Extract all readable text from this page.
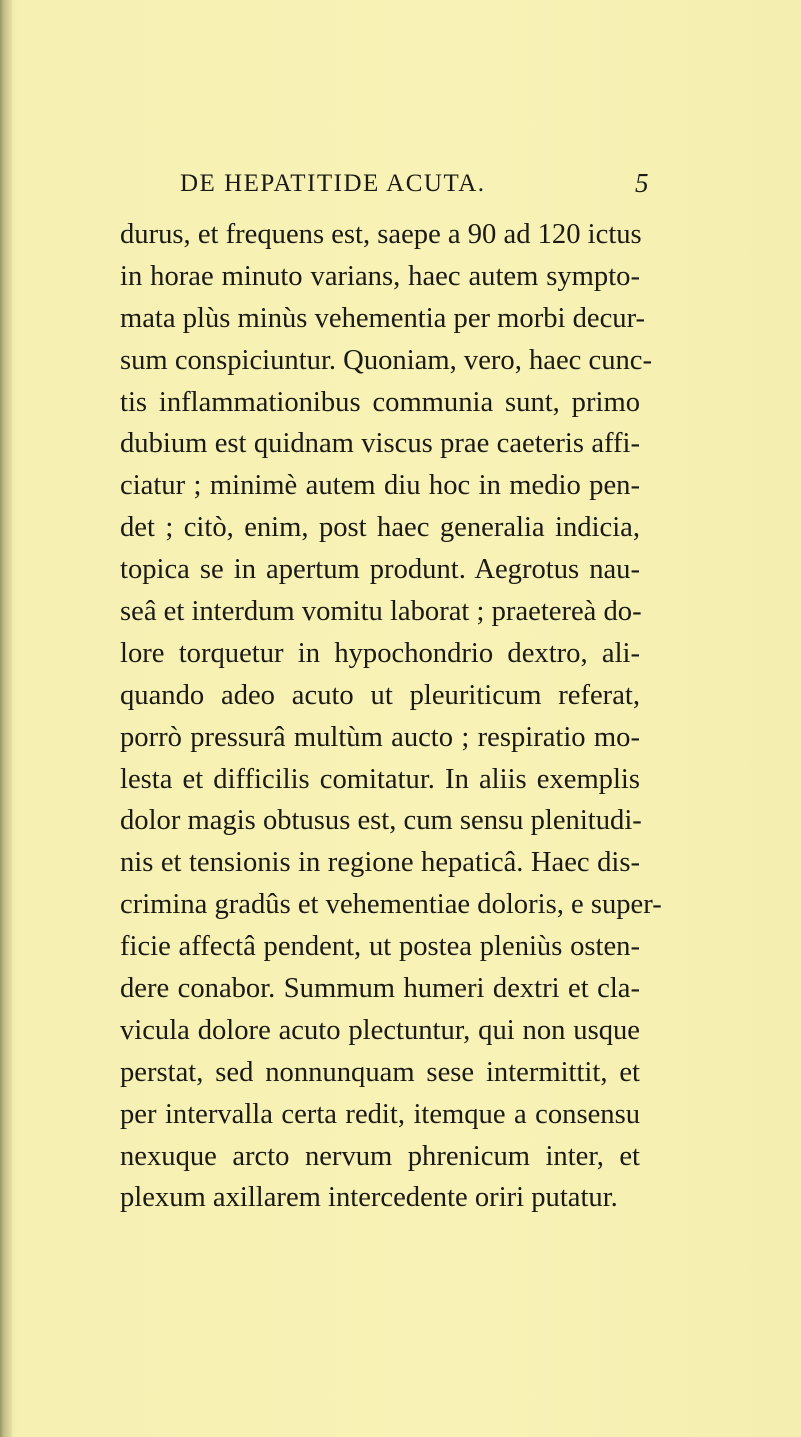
DE HEPATITIDE ACUTA.	5
durus, et frequens est, saepe a 90 ad 120 ictus
in horae minuto varians, haec autem sympto-
mata plùs minùs vehementia per morbi decur-
sum conspiciuntur. Quoniam, vero, haec cunc-
tis inflammationibus communia sunt, primo
dubium est quidnam viscus prae caeteris affi-
ciatur ; minimè autem diu hoc in medio pen-
det ; citò, enim, post haec generalia indicia,
topica se in apertum produnt. Aegrotus nau-
seâ et interdum vomitu laborat ; praetereà do-
lore torquetur in hypochondrio dextro, ali-
quando adeo acuto ut pleuriticum referat,
porrò pressurâ multùm aucto ; respiratio mo-
lesta et difficilis comitatur. In aliis exemplis
dolor magis obtusus est, cum sensu plenitudi-
nis et tensionis in regione hepaticâ. Haec dis-
crimina gradûs et vehementiae doloris, e super-
ficie affectâ pendent, ut postea pleniùs osten-
dere conabor. Summum humeri dextri et cla-
vicula dolore acuto plectuntur, qui non usque
perstat, sed nonnunquam sese intermittit, et
per intervalla certa redit, itemque a consensu
nexuque arcto nervum phrenicum inter, et
plexum axillarem intercedente oriri putatur.
